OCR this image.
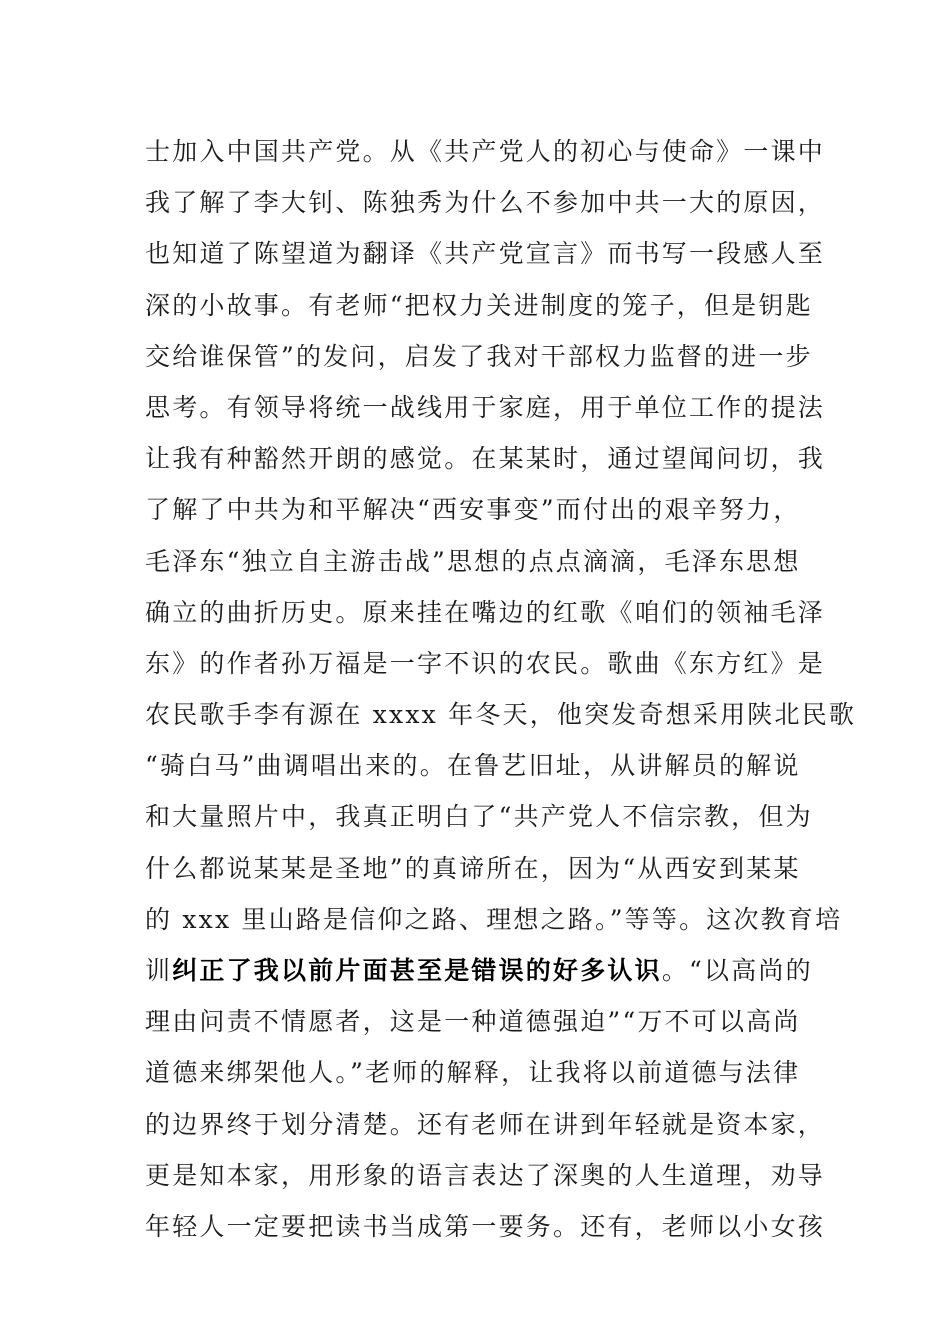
士加入中国共产党。从《共产党人的初心与使命》一课中
我了解了李大钊、陈独秀为什么不参加中共一大的原因，
也知道了陈望道为翻译《共产党宣言》而书写一段感人至
深的小故事。有老师“把权力关进制度的笼子，但是钥匙
交给谁保管”的发问，启发了我对干部权力监督的进一步
思考。有领导将统一战线用于家庭，用于单位工作的提法
让我有种豁然开朗的感觉。在某某时，通过望闻问切，我
了解了中共为和平解决“西安事变”而付出的艰辛努力，
毛泽东“独立自主游击战”思想的点点滴滴，毛泽东思想
确立的曲折历史。原来挂在嘴边的红歌《咱们的领袖毛泽
东》的作者孙万福是一字不识的农民。歌曲《东方红》是
农民歌手李有源在 xxxx 年冬天，他突发奇想采用陕北民歌
“骑白马”曲调唱出来的。在鲁艺旧址，从讲解员的解说
和大量照片中，我真正明白了“共产党人不信宗教，但为
什么都说某某是圣地”的真谛所在，因为“从西安到某某
的 xxx 里山路是信仰之路、理想之路。”等等。这次教育培
训纠正了我以前片面甚至是错误的好多认识。“以高尚的
理由问责不情愿者，这是一种道德强迫”“万不可以高尚
道德来绑架他人。”老师的解释，让我将以前道德与法律
的边界终于划分清楚。还有老师在讲到年轻就是资本家，
更是知本家，用形象的语言表达了深奥的人生道理，劝导
年轻人一定要把读书当成第一要务。还有，老师以小女孩
